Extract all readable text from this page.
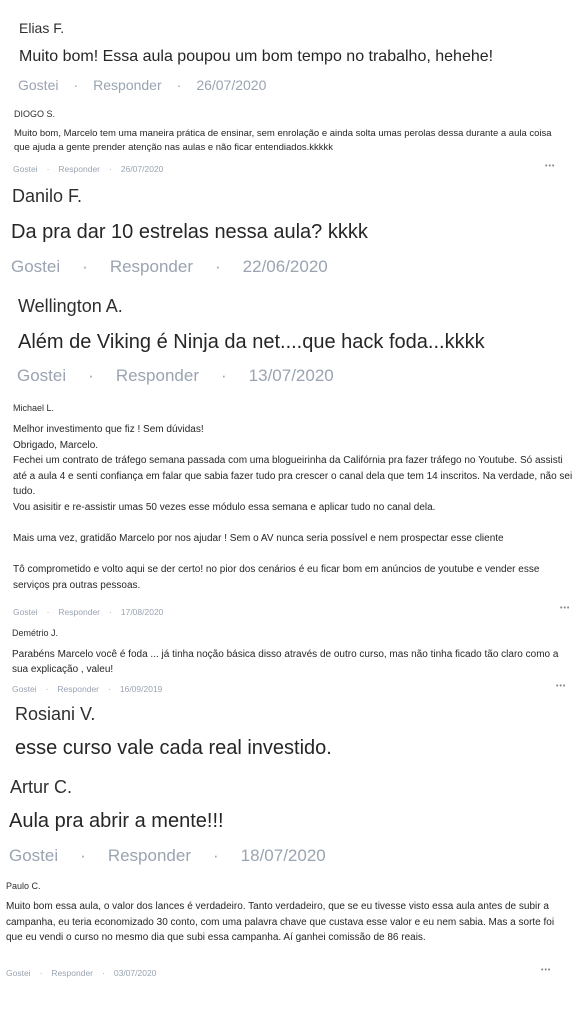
Elias F.
Muito bom! Essa aula poupou um bom tempo no trabalho, hehehe!
Gostei · Responder · 26/07/2020
DIOGO S.
Muito bom, Marcelo tem uma maneira prática de ensinar, sem enrolação e ainda solta umas perolas dessa durante a aula coisa que ajuda a gente prender atenção nas aulas e não ficar entendiados.kkkkk
Gostei · Responder · 26/07/2020	•••
Danilo F.
Da pra dar 10 estrelas nessa aula? kkkk
Gostei · Responder · 22/06/2020
Wellington A.
Além de Viking é Ninja da net....que hack foda...kkkk
Gostei · Responder · 13/07/2020
Michael L.
Melhor investimento que fiz ! Sem dúvidas!
Obrigado, Marcelo.
Fechei um contrato de tráfego semana passada com uma blogueirinha da Califórnia pra fazer tráfego no Youtube. Só assisti até a aula 4 e senti confiança em falar que sabia fazer tudo pra crescer o canal dela que tem 14 inscritos. Na verdade, não sei tudo.
Vou asisitir e re-assistir umas 50 vezes esse módulo essa semana e aplicar tudo no canal dela.

Mais uma vez, gratidão Marcelo por nos ajudar ! Sem o AV nunca seria possível e nem prospectar esse cliente

Tô comprometido e volto aqui se der certo! no pior dos cenários é eu ficar bom em anúncios de youtube e vender esse serviços pra outras pessoas.
Gostei · Responder · 17/08/2020	•••
Demétrio J.
Parabéns Marcelo você é foda ... já tinha noção básica disso através de outro curso, mas não tinha ficado tão claro como a sua explicação , valeu!
Gostei · Responder · 16/09/2019	•••
Rosiani V.
esse curso vale cada real investido.
Artur C.
Aula pra abrir a mente!!!
Gostei · Responder · 18/07/2020
Paulo C.
Muito bom essa aula, o valor dos lances é verdadeiro. Tanto verdadeiro, que se eu tivesse visto essa aula antes de subir a campanha, eu teria economizado 30 conto, com uma palavra chave que custava esse valor e eu nem sabia. Mas a sorte foi que eu vendi o curso no mesmo dia que subi essa campanha. Aí ganhei comissão de 86 reais.
Gostei · Responder · 03/07/2020	•••
